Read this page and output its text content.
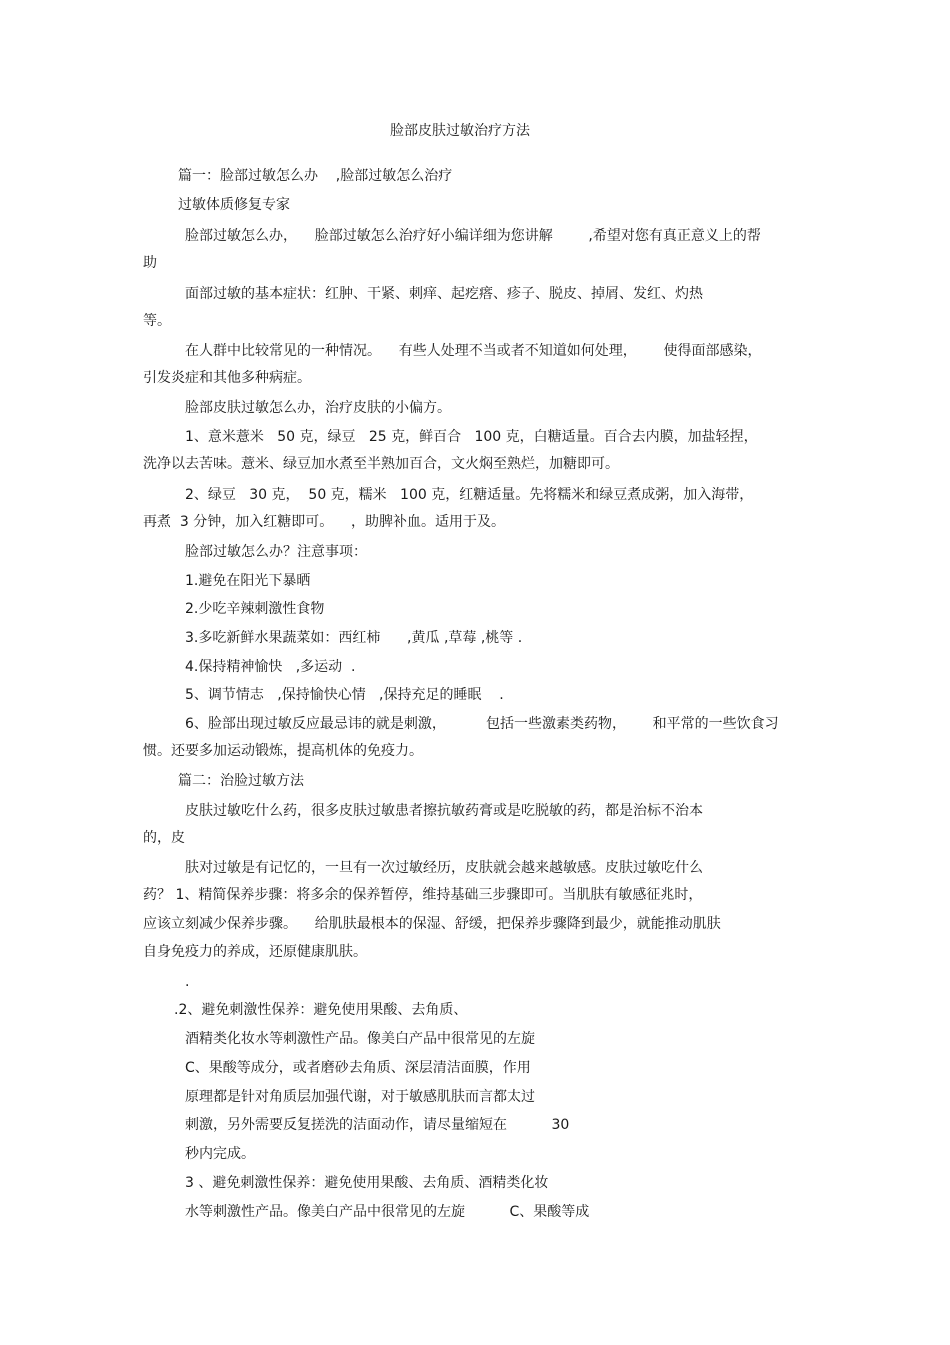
脸部皮肤过敏治疗方法
篇一：脸部过敏怎么办    ,脸部过敏怎么治疗
过敏体质修复专家
脸部过敏怎么办，    脸部过敏怎么治疗好小编详细为您讲解        ,希望对您有真正意义上的帮
助
面部过敏的基本症状：红肿、干紧、刺痒、起疙瘩、疹子、脱皮、掉屑、发红、灼热
等。
在人群中比较常见的一种情况。    有些人处理不当或者不知道如何处理，      使得面部感染，
引发炎症和其他多种病症。
脸部皮肤过敏怎么办，治疗皮肤的小偏方。
1、意米薏米   50 克，绿豆   25 克，鲜百合   100 克，白糖适量。百合去内膜，加盐轻捏，
洗净以去苦味。薏米、绿豆加水煮至半熟加百合，文火焖至熟烂，加糖即可。
2、绿豆   30 克，  50 克，糯米   100 克，红糖适量。先将糯米和绿豆煮成粥，加入海带，
再煮  3 分钟，加入红糖即可。    ，助脾补血。适用于及。
脸部过敏怎么办？注意事项：
1.避免在阳光下暴晒
2.少吃辛辣刺激性食物
3.多吃新鲜水果蔬菜如：西红柿      ,黄瓜 ,草莓 ,桃等 .
4.保持精神愉快   ,多运动  .
5、调节情志   ,保持愉快心情   ,保持充足的睡眠    .
6、脸部出现过敏反应最忌讳的就是刺激，         包括一些激素类药物，      和平常的一些饮食习
惯。还要多加运动锻炼，提高机体的免疫力。
篇二：治脸过敏方法
皮肤过敏吃什么药，很多皮肤过敏患者擦抗敏药膏或是吃脱敏的药，都是治标不治本
的，皮
肤对过敏是有记忆的，一旦有一次过敏经历，皮肤就会越来越敏感。皮肤过敏吃什么
药？ 1、精简保养步骤：将多余的保养暂停，维持基础三步骤即可。当肌肤有敏感征兆时，
应该立刻减少保养步骤。    给肌肤最根本的保湿、舒缓，把保养步骤降到最少，就能推动肌肤
自身免疫力的养成，还原健康肌肤。
.
.2、避免刺激性保养：避免使用果酸、去角质、
酒精类化妆水等刺激性产品。像美白产品中很常见的左旋
C、果酸等成分，或者磨砂去角质、深层清洁面膜，作用
原理都是针对角质层加强代谢，对于敏感肌肤而言都太过
刺激，另外需要反复搓洗的洁面动作，请尽量缩短在          30
秒内完成。
3 、避免刺激性保养：避免使用果酸、去角质、酒精类化妆
水等刺激性产品。像美白产品中很常见的左旋          C、果酸等成
